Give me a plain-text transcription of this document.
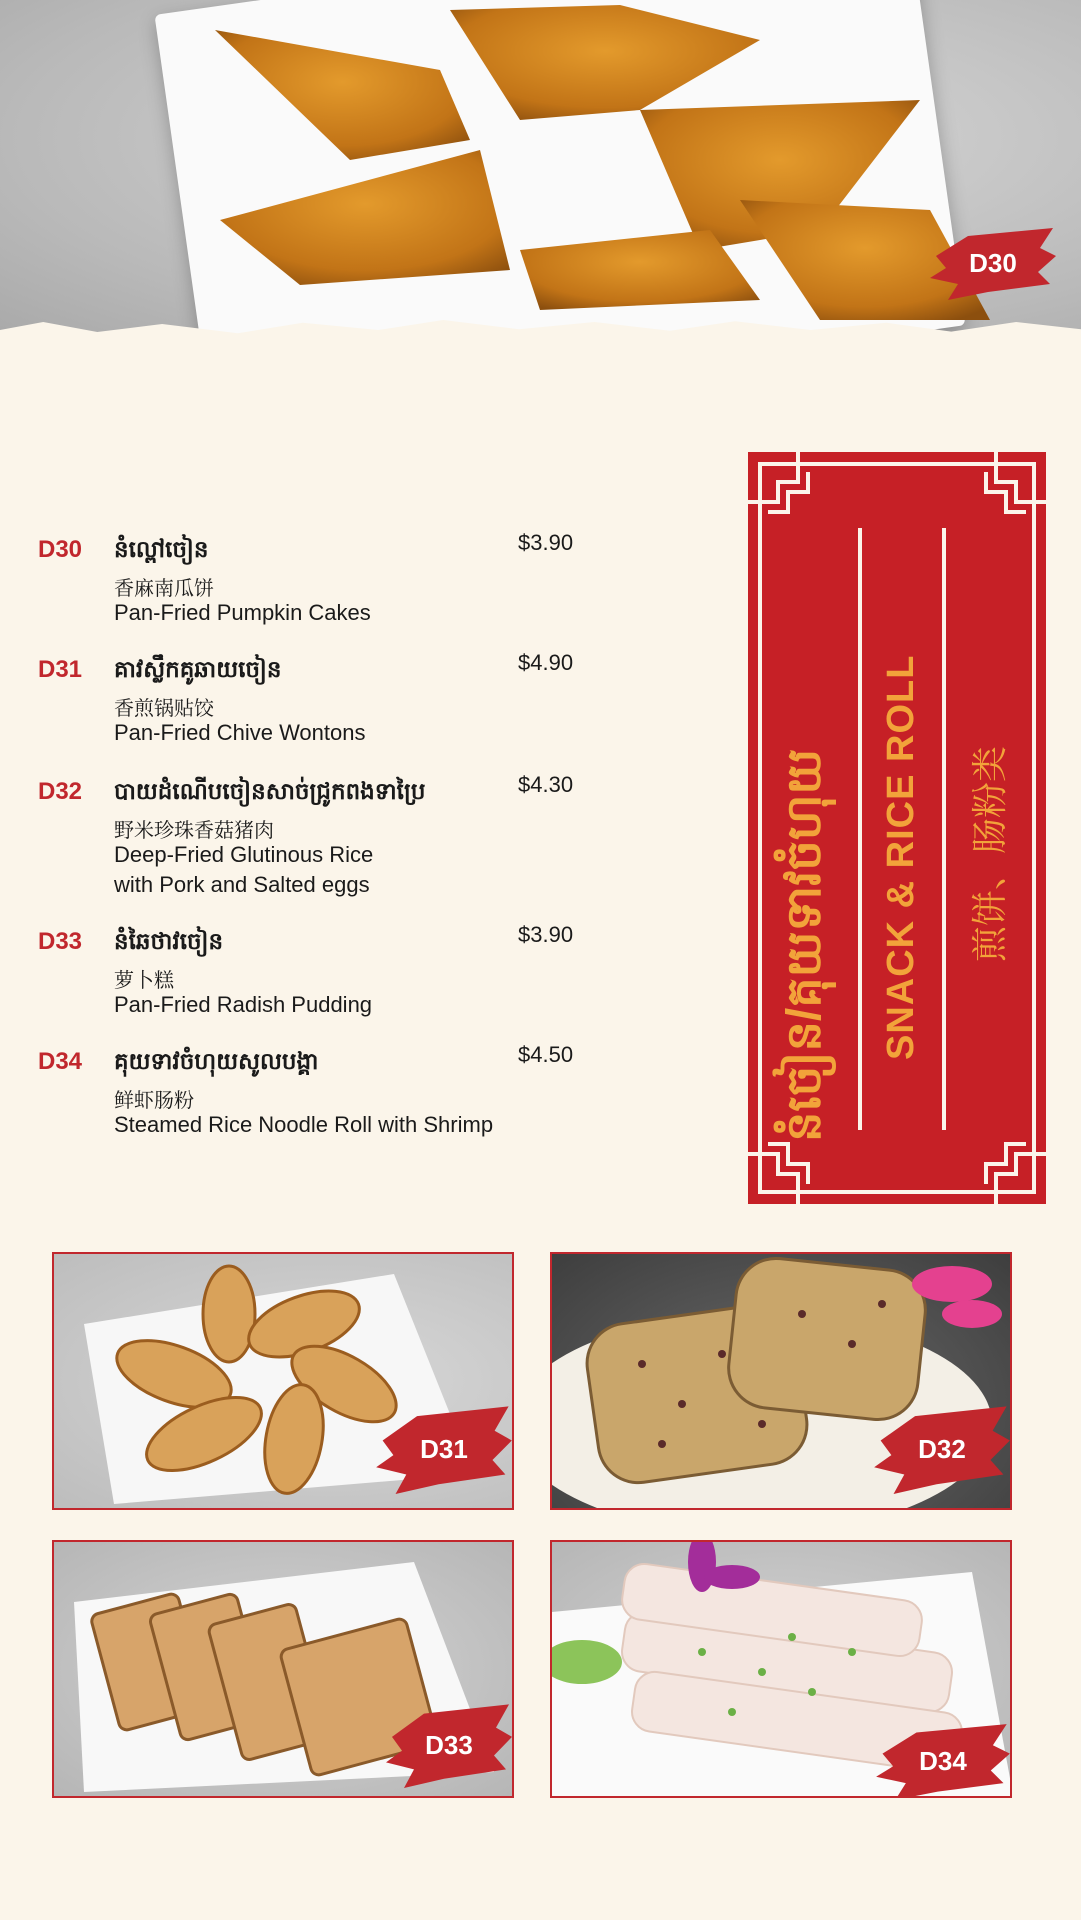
D30
D30 នំល្ពៅចៀន
香麻南瓜饼
Pan-Fried Pumpkin Cakes
$3.90
D31 គាវស្លឹកគូឆាយចៀន
香煎锅贴饺
Pan-Fried Chive Wontons
$4.90
D32 បាយដំណើបចៀនសាច់ជ្រូកពងទាប្រៃ
野米珍珠香菇猪肉
Deep-Fried Glutinous Rice
with Pork and Salted eggs
$4.30
D33 នំឆៃថាវចៀន
萝卜糕
Pan-Fried Radish Pudding
$3.90
D34 គុយទាវចំហុយសូលបង្គា
鲜虾肠粉
Steamed Rice Noodle Roll with Shrimp
$4.50	នំចៀន/គុយទាវចំហុយ	SNACK & RICE ROLL 煎饼、肠粉类
D31	D32
D33
D34
